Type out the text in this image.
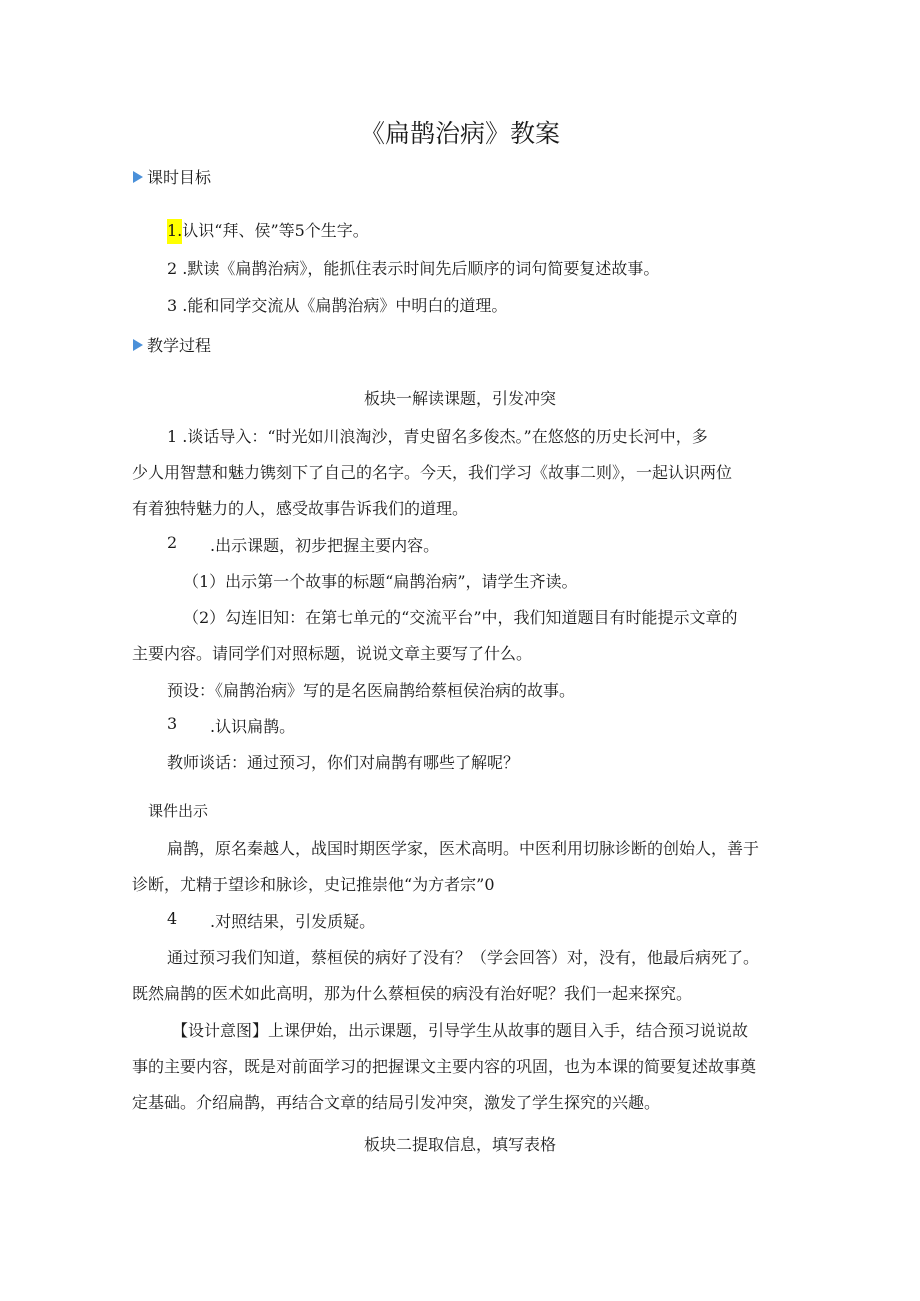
《扁鹊治病》教案
课时目标
1.认识“拜、侯”等5个生字。
2 .默读《扁鹊治病》，能抓住表示时间先后顺序的词句简要复述故事。
3 .能和同学交流从《扁鹊治病》中明白的道理。
教学过程
板块一解读课题，引发冲突
1 .谈话导入：“时光如川浪淘沙，青史留名多俊杰。”在悠悠的历史长河中，多
少人用智慧和魅力镌刻下了自己的名字。今天，我们学习《故事二则》，一起认识两位
有着独特魅力的人，感受故事告诉我们的道理。
2 .出示课题，初步把握主要内容。
（1）出示第一个故事的标题“扁鹊治病”，请学生齐读。
（2）勾连旧知：在第七单元的“交流平台”中，我们知道题目有时能提示文章的
主要内容。请同学们对照标题，说说文章主要写了什么。
预设：《扁鹊治病》写的是名医扁鹊给蔡桓侯治病的故事。
3 .认识扁鹊。
教师谈话：通过预习，你们对扁鹊有哪些了解呢？
课件出示
扁鹊，原名秦越人，战国时期医学家，医术高明。中医利用切脉诊断的创始人，善于
诊断，尤精于望诊和脉诊，史记推崇他“为方者宗”0
4 .对照结果，引发质疑。
通过预习我们知道，蔡桓侯的病好了没有？（学会回答）对，没有，他最后病死了。
既然扁鹊的医术如此高明，那为什么蔡桓侯的病没有治好呢？我们一起来探究。
【设计意图】上课伊始，出示课题，引导学生从故事的题目入手，结合预习说说故
事的主要内容，既是对前面学习的把握课文主要内容的巩固，也为本课的简要复述故事奠
定基础。介绍扁鹊，再结合文章的结局引发冲突，激发了学生探究的兴趣。
板块二提取信息，填写表格
